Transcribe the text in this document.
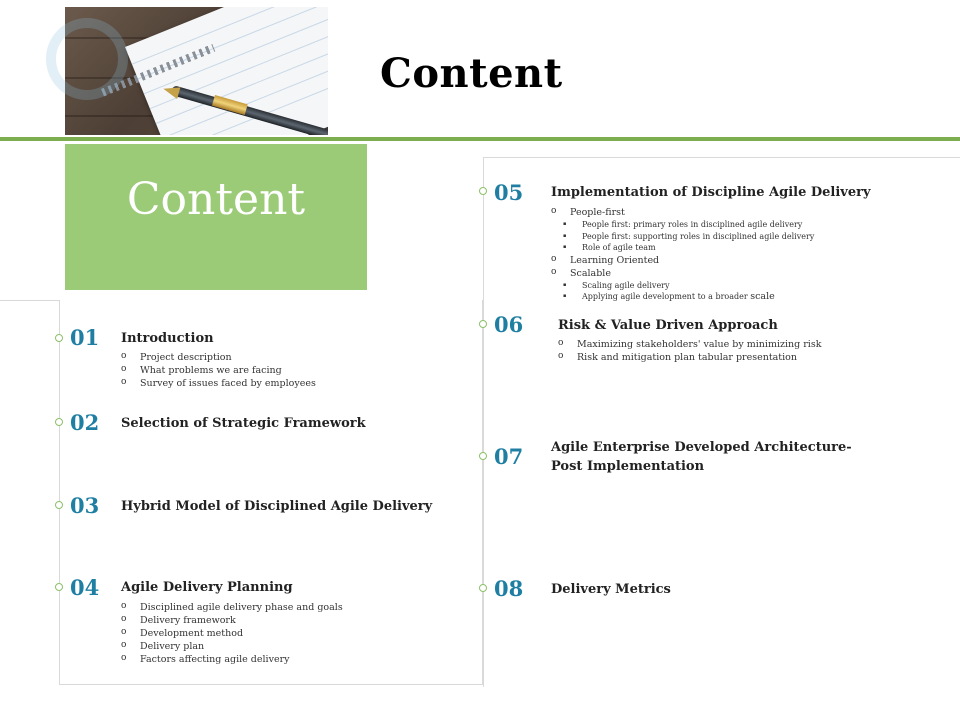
Content
Content
01 Introduction
o Project description
o What problems we are facing
o Survey of issues faced by employees
02 Selection of Strategic Framework
03 Hybrid Model of Disciplined Agile Delivery
04 Agile Delivery Planning
o Disciplined agile delivery phase and goals
o Delivery framework
o Development method
o Delivery plan
o Factors affecting agile delivery
05 Implementation of Discipline Agile Delivery
o People-first
▪ People first: primary roles in disciplined agile delivery
▪ People first: supporting roles in disciplined agile delivery
▪ Role of agile team
o Learning Oriented
o Scalable
▪ Scaling agile delivery
▪ Applying agile development to a broader scale
06	Risk & Value Driven Approach
o Maximizing stakeholders' value by minimizing risk
o Risk and mitigation plan tabular presentation
07 Agile Enterprise Developed Architecture-
Post Implementation
08 Delivery Metrics
